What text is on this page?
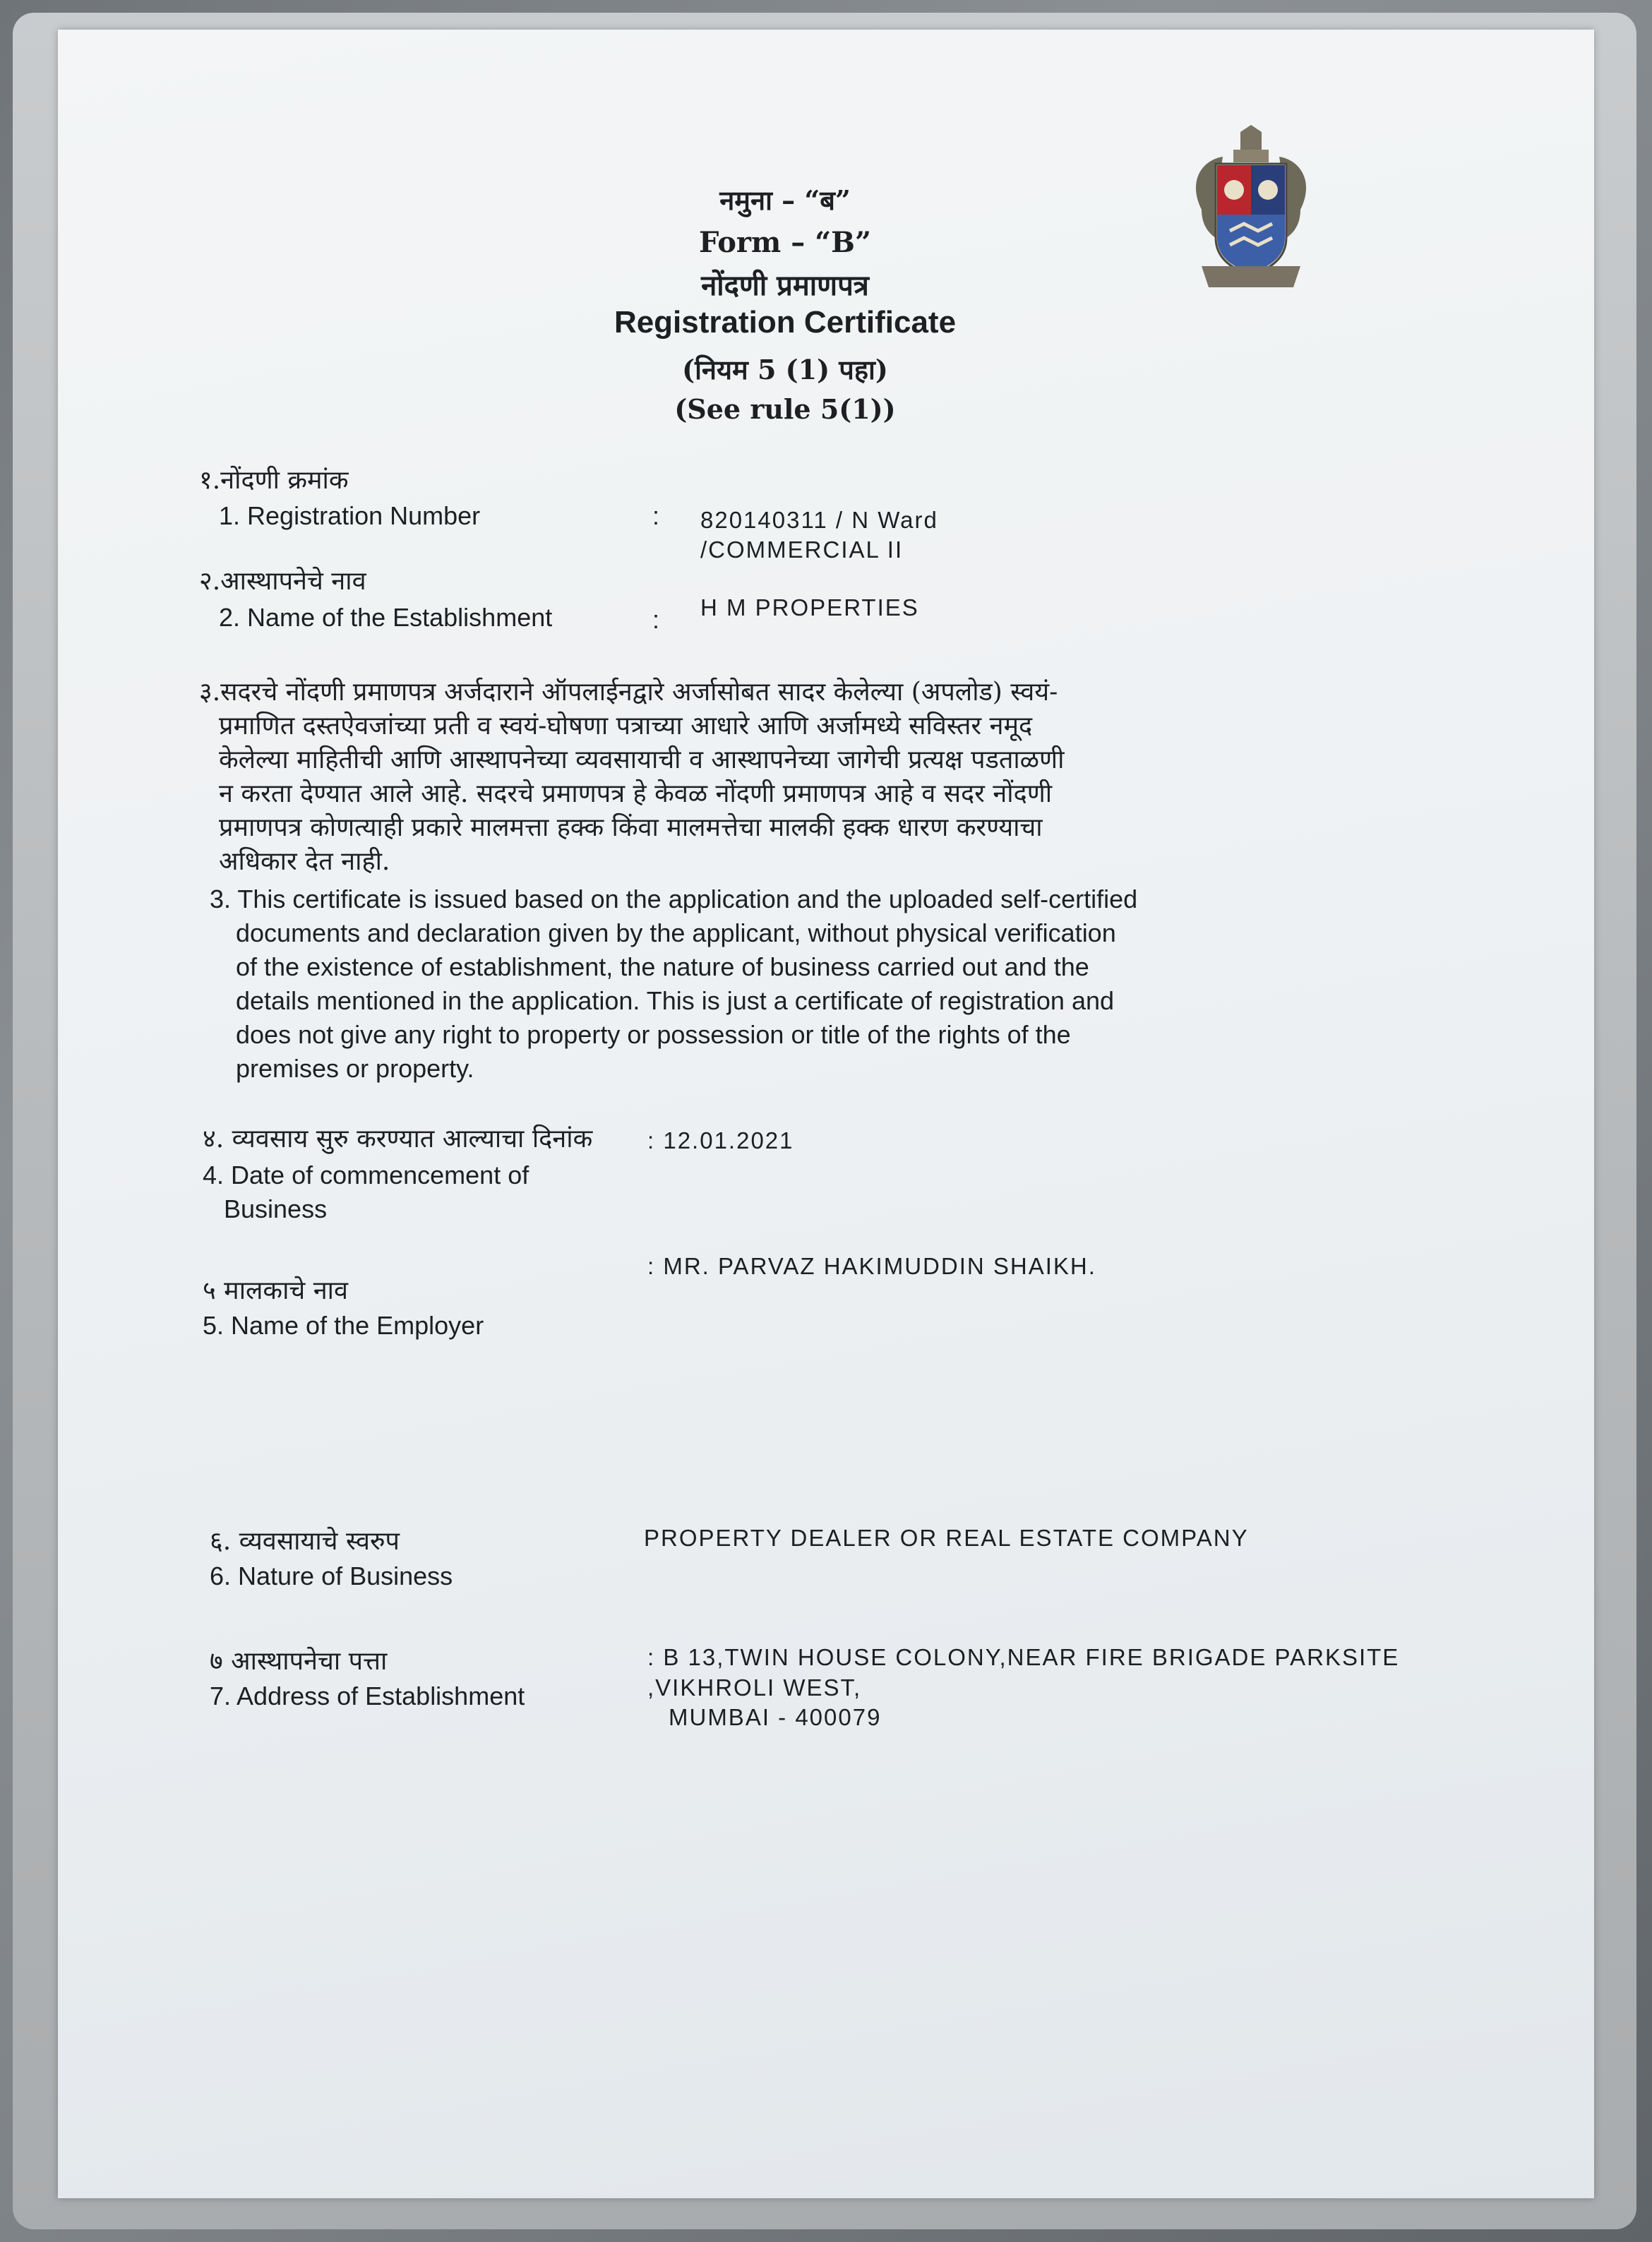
नमुना – “ब”
Form – “B”
नोंदणी प्रमाणपत्र
Registration Certificate
(नियम 5 (1) पहा)
(See rule 5(1))
१.नोंदणी क्रमांक
1. Registration Number	: 820140311 / N Ward
/COMMERCIAL II
२.आस्थापनेचे नाव
2. Name of the Establishment	: H M PROPERTIES
३.सदरचे नोंदणी प्रमाणपत्र अर्जदाराने ऑपलाईनद्वारे अर्जासोबत सादर केलेल्या (अपलोड) स्वयं-
प्रमाणित दस्तऐवजांच्या प्रती व स्वयं-घोषणा पत्राच्या आधारे आणि अर्जामध्ये सविस्तर नमूद
केलेल्या माहितीची आणि आस्थापनेच्या व्यवसायाची व आस्थापनेच्या जागेची प्रत्यक्ष पडताळणी
न करता देण्यात आले आहे. सदरचे प्रमाणपत्र हे केवळ नोंदणी प्रमाणपत्र आहे व सदर नोंदणी
प्रमाणपत्र कोणत्याही प्रकारे मालमत्ता हक्क किंवा मालमत्तेचा मालकी हक्क धारण करण्याचा
अधिकार देत नाही.
3. This certificate is issued based on the application and the uploaded self-certified
documents and declaration given by the applicant, without physical verification
of the existence of establishment, the nature of business carried out and the
details mentioned in the application. This is just a certificate of registration and
does not give any right to property or possession or title of the rights of the
premises or property.
४. व्यवसाय सुरु करण्यात आल्याचा दिनांक
4. Date of commencement of
Business
: 12.01.2021
५ मालकाचे नाव
5. Name of the Employer
: MR. PARVAZ HAKIMUDDIN SHAIKH.
६. व्यवसायाचे स्वरुप
6. Nature of Business
PROPERTY DEALER OR REAL ESTATE COMPANY
७ आस्थापनेचा पत्ता
7. Address of Establishment
: B 13,TWIN HOUSE COLONY,NEAR FIRE BRIGADE PARKSITE
,VIKHROLI WEST,
MUMBAI - 400079
